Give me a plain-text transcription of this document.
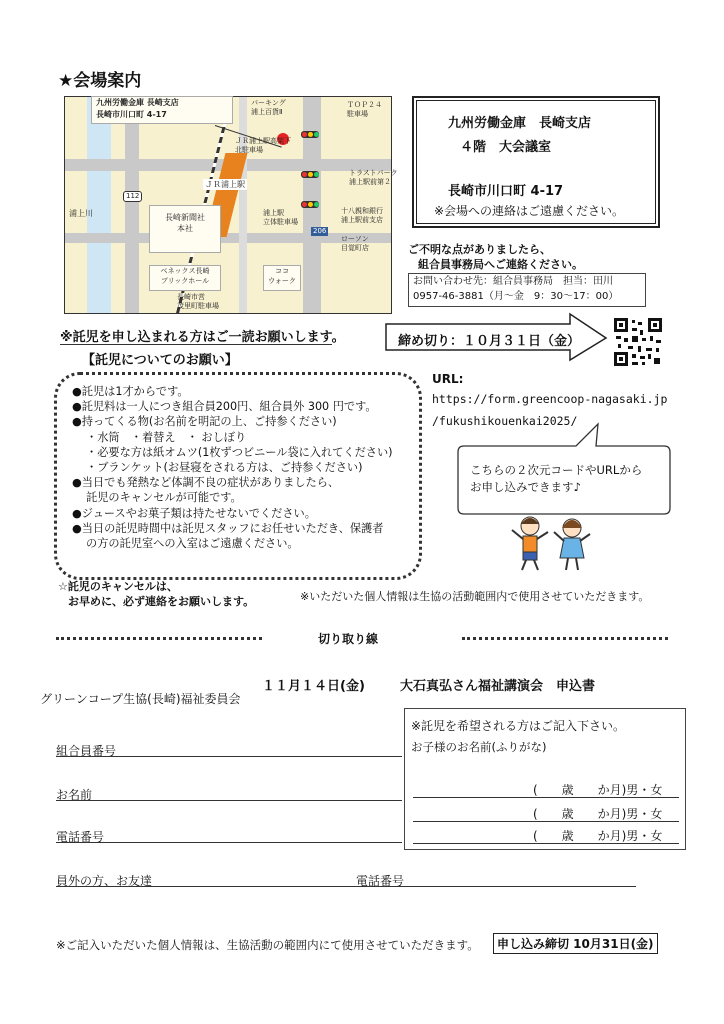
★会場案内
ＪＲ浦上駅
九州労働金庫 長崎支店
長崎市川口町 4-17
パーキング
浦上百貨Ⅱ
ＴＯＰ２４
駐車場
ＪＲ浦上駅高架下
北駐車場
トラストパーク
浦上駅前第２
112
浦上川	長崎新聞社
本社
浦上駅
立体駐車場
十八親和銀行
浦上駅前支店
206
ローソン
目覚町店
ベネックス長崎
ブリックホール
ココ
ウォーク
長崎市営
茂里町駐車場
九州労働金庫　長崎支店
４階　大会議室
長崎市川口町 4-17
※会場への連絡はご遠慮ください。
ご不明な点がありましたら、
組合員事務局へご連絡ください。
お問い合わせ先：組合員事務局　担当：田川
0957-46-3881（月～金　9：30～17：00）
※託児を申し込まれる方はご一読お願いします。
【託児についてのお願い】
締め切り：１０月３１日（金）
●託児は1才からです。
●託児料は一人につき組合員200円、組合員外 300 円です。
●持ってくる物(お名前を明記の上、ご持参ください)
・水筒　・着替え　・ おしぼり
・必要な方は紙オムツ(1枚ずつビニール袋に入れてください)
・ブランケット(お昼寝をされる方は、ご持参ください)
●当日でも発熱など体調不良の症状がありましたら、
託児のキャンセルが可能です。
●ジュースやお菓子類は持たせないでください。
●当日の託児時間中は託児スタッフにお任せいただき、保護者
の方の託児室への入室はご遠慮ください。
☆託児のキャンセルは、
お早めに、必ず連絡をお願いします。	※いただいた個人情報は生協の活動範囲内で使用させていただきます。
URL:
https://form.greencoop-nagasaki.jp
/fukushikouenkai2025/
こちらの２次元コードやURLから
お申し込みできます♪
切り取り線
１１月１４日(金)	大石真弘さん福祉講演会　申込書
グリーンコープ生協(長崎)福祉委員会
組合員番号
お名前
電話番号
員外の方、お友達	電話番号
※託児を希望される方はご記入下さい。
お子様のお名前(ふりがな)
(　　歳　　か月)男・女
(　　歳　　か月)男・女
(　　歳　　か月)男・女
※ご記入いただいた個人情報は、生協活動の範囲内にて使用させていただきます。	申し込み締切 10月31日(金)
